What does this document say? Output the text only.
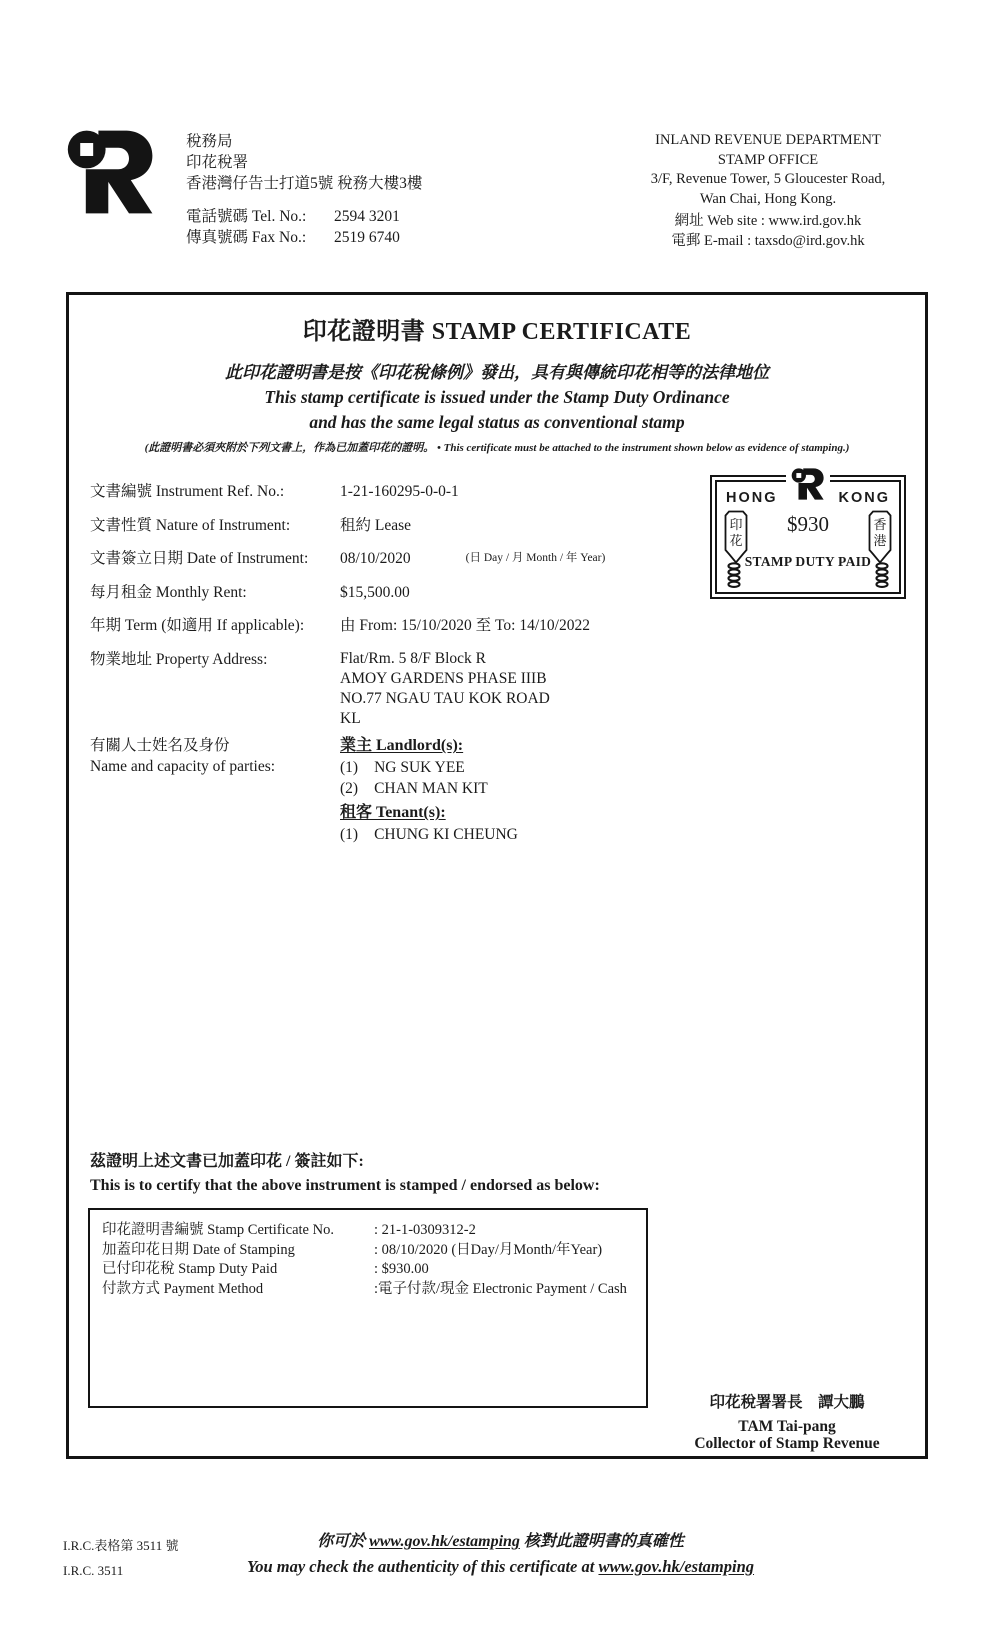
稅務局
印花稅署
香港灣仔告士打道5號 稅務大樓3樓
電話號碼 Tel. No.:	2594 3201
傳真號碼 Fax No.:	2519 6740
INLAND REVENUE DEPARTMENT
STAMP OFFICE
3/F, Revenue Tower, 5 Gloucester Road,
Wan Chai, Hong Kong.
網址 Web site : www.ird.gov.hk
電郵 E-mail : taxsdo@ird.gov.hk
印花證明書 STAMP CERTIFICATE
此印花證明書是按《印花稅條例》發出，具有與傳統印花相等的法律地位
This stamp certificate is issued under the Stamp Duty Ordinance
and has the same legal status as conventional stamp
(此證明書必須夾附於下列文書上，作為已加蓋印花的證明。 • This certificate must be attached to the instrument shown below as evidence of stamping.)
文書編號 Instrument Ref. No.:	1-21-160295-0-0-1
文書性質 Nature of Instrument:	租約 Lease
文書簽立日期 Date of Instrument:	08/10/2020	(日 Day / 月 Month / 年 Year)
每月租金 Monthly Rent:	$15,500.00
年期 Term (如適用 If applicable):	由 From: 15/10/2020 至 To: 14/10/2022
物業地址 Property Address:	Flat/Rm. 5 8/F Block R
AMOY GARDENS PHASE IIIB
NO.77 NGAU TAU KOK ROAD
KL
HONG	KONG
印
花
香
港
$930
STAMP DUTY PAID
有關人士姓名及身份
Name and capacity of parties:
業主 Landlord(s):
(1) NG SUK YEE
(2) CHAN MAN KIT
租客 Tenant(s):
(1) CHUNG KI CHEUNG
茲證明上述文書已加蓋印花 / 簽註如下:
This is to certify that the above instrument is stamped / endorsed as below:
印花證明書編號 Stamp Certificate No.	: 21-1-0309312-2
加蓋印花日期 Date of Stamping	: 08/10/2020 (日Day/月Month/年Year)
已付印花稅 Stamp Duty Paid	: $930.00
付款方式 Payment Method	:電子付款/現金 Electronic Payment / Cash
印花稅署署長　譚大鵬
TAM Tai-pang
Collector of Stamp Revenue
I.R.C.表格第 3511 號
I.R.C. 3511
你可於 www.gov.hk/estamping 核對此證明書的真確性
You may check the authenticity of this certificate at www.gov.hk/estamping
